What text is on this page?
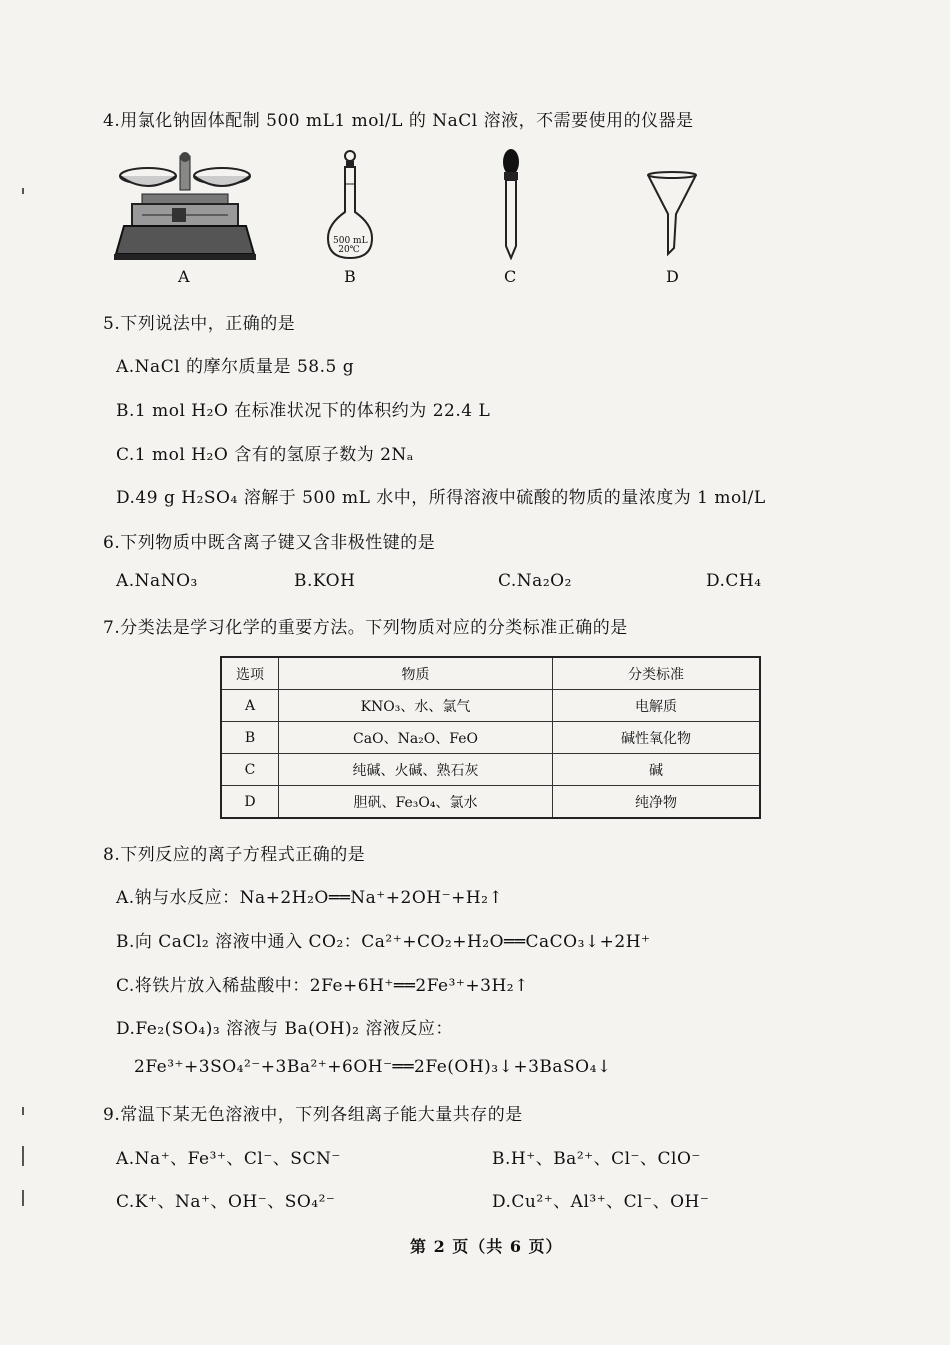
4.用氯化钠固体配制 500 mL1 mol/L 的 NaCl 溶液，不需要使用的仪器是
A
500 mL
20℃
B	C	D
5.下列说法中，正确的是
A.NaCl 的摩尔质量是 58.5 g
B.1 mol H₂O 在标准状况下的体积约为 22.4 L
C.1 mol H₂O 含有的氢原子数为 2Nₐ
D.49 g H₂SO₄ 溶解于 500 mL 水中，所得溶液中硫酸的物质的量浓度为 1 mol/L
6.下列物质中既含离子键又含非极性键的是
A.NaNO₃	B.KOH	C.Na₂O₂	D.CH₄
7.分类法是学习化学的重要方法。下列物质对应的分类标准正确的是
选项	物质	分类标准
A	KNO₃、水、氯气	电解质
B	CaO、Na₂O、FeO	碱性氧化物
C	纯碱、火碱、熟石灰	碱
D	胆矾、Fe₃O₄、氯水	纯净物
8.下列反应的离子方程式正确的是
A.钠与水反应：Na+2H₂O══Na⁺+2OH⁻+H₂↑
B.向 CaCl₂ 溶液中通入 CO₂：Ca²⁺+CO₂+H₂O══CaCO₃↓+2H⁺
C.将铁片放入稀盐酸中：2Fe+6H⁺══2Fe³⁺+3H₂↑
D.Fe₂(SO₄)₃ 溶液与 Ba(OH)₂ 溶液反应：
2Fe³⁺+3SO₄²⁻+3Ba²⁺+6OH⁻══2Fe(OH)₃↓+3BaSO₄↓
9.常温下某无色溶液中，下列各组离子能大量共存的是
A.Na⁺、Fe³⁺、Cl⁻、SCN⁻	B.H⁺、Ba²⁺、Cl⁻、ClO⁻
C.K⁺、Na⁺、OH⁻、SO₄²⁻	D.Cu²⁺、Al³⁺、Cl⁻、OH⁻
第 2 页（共 6 页）
